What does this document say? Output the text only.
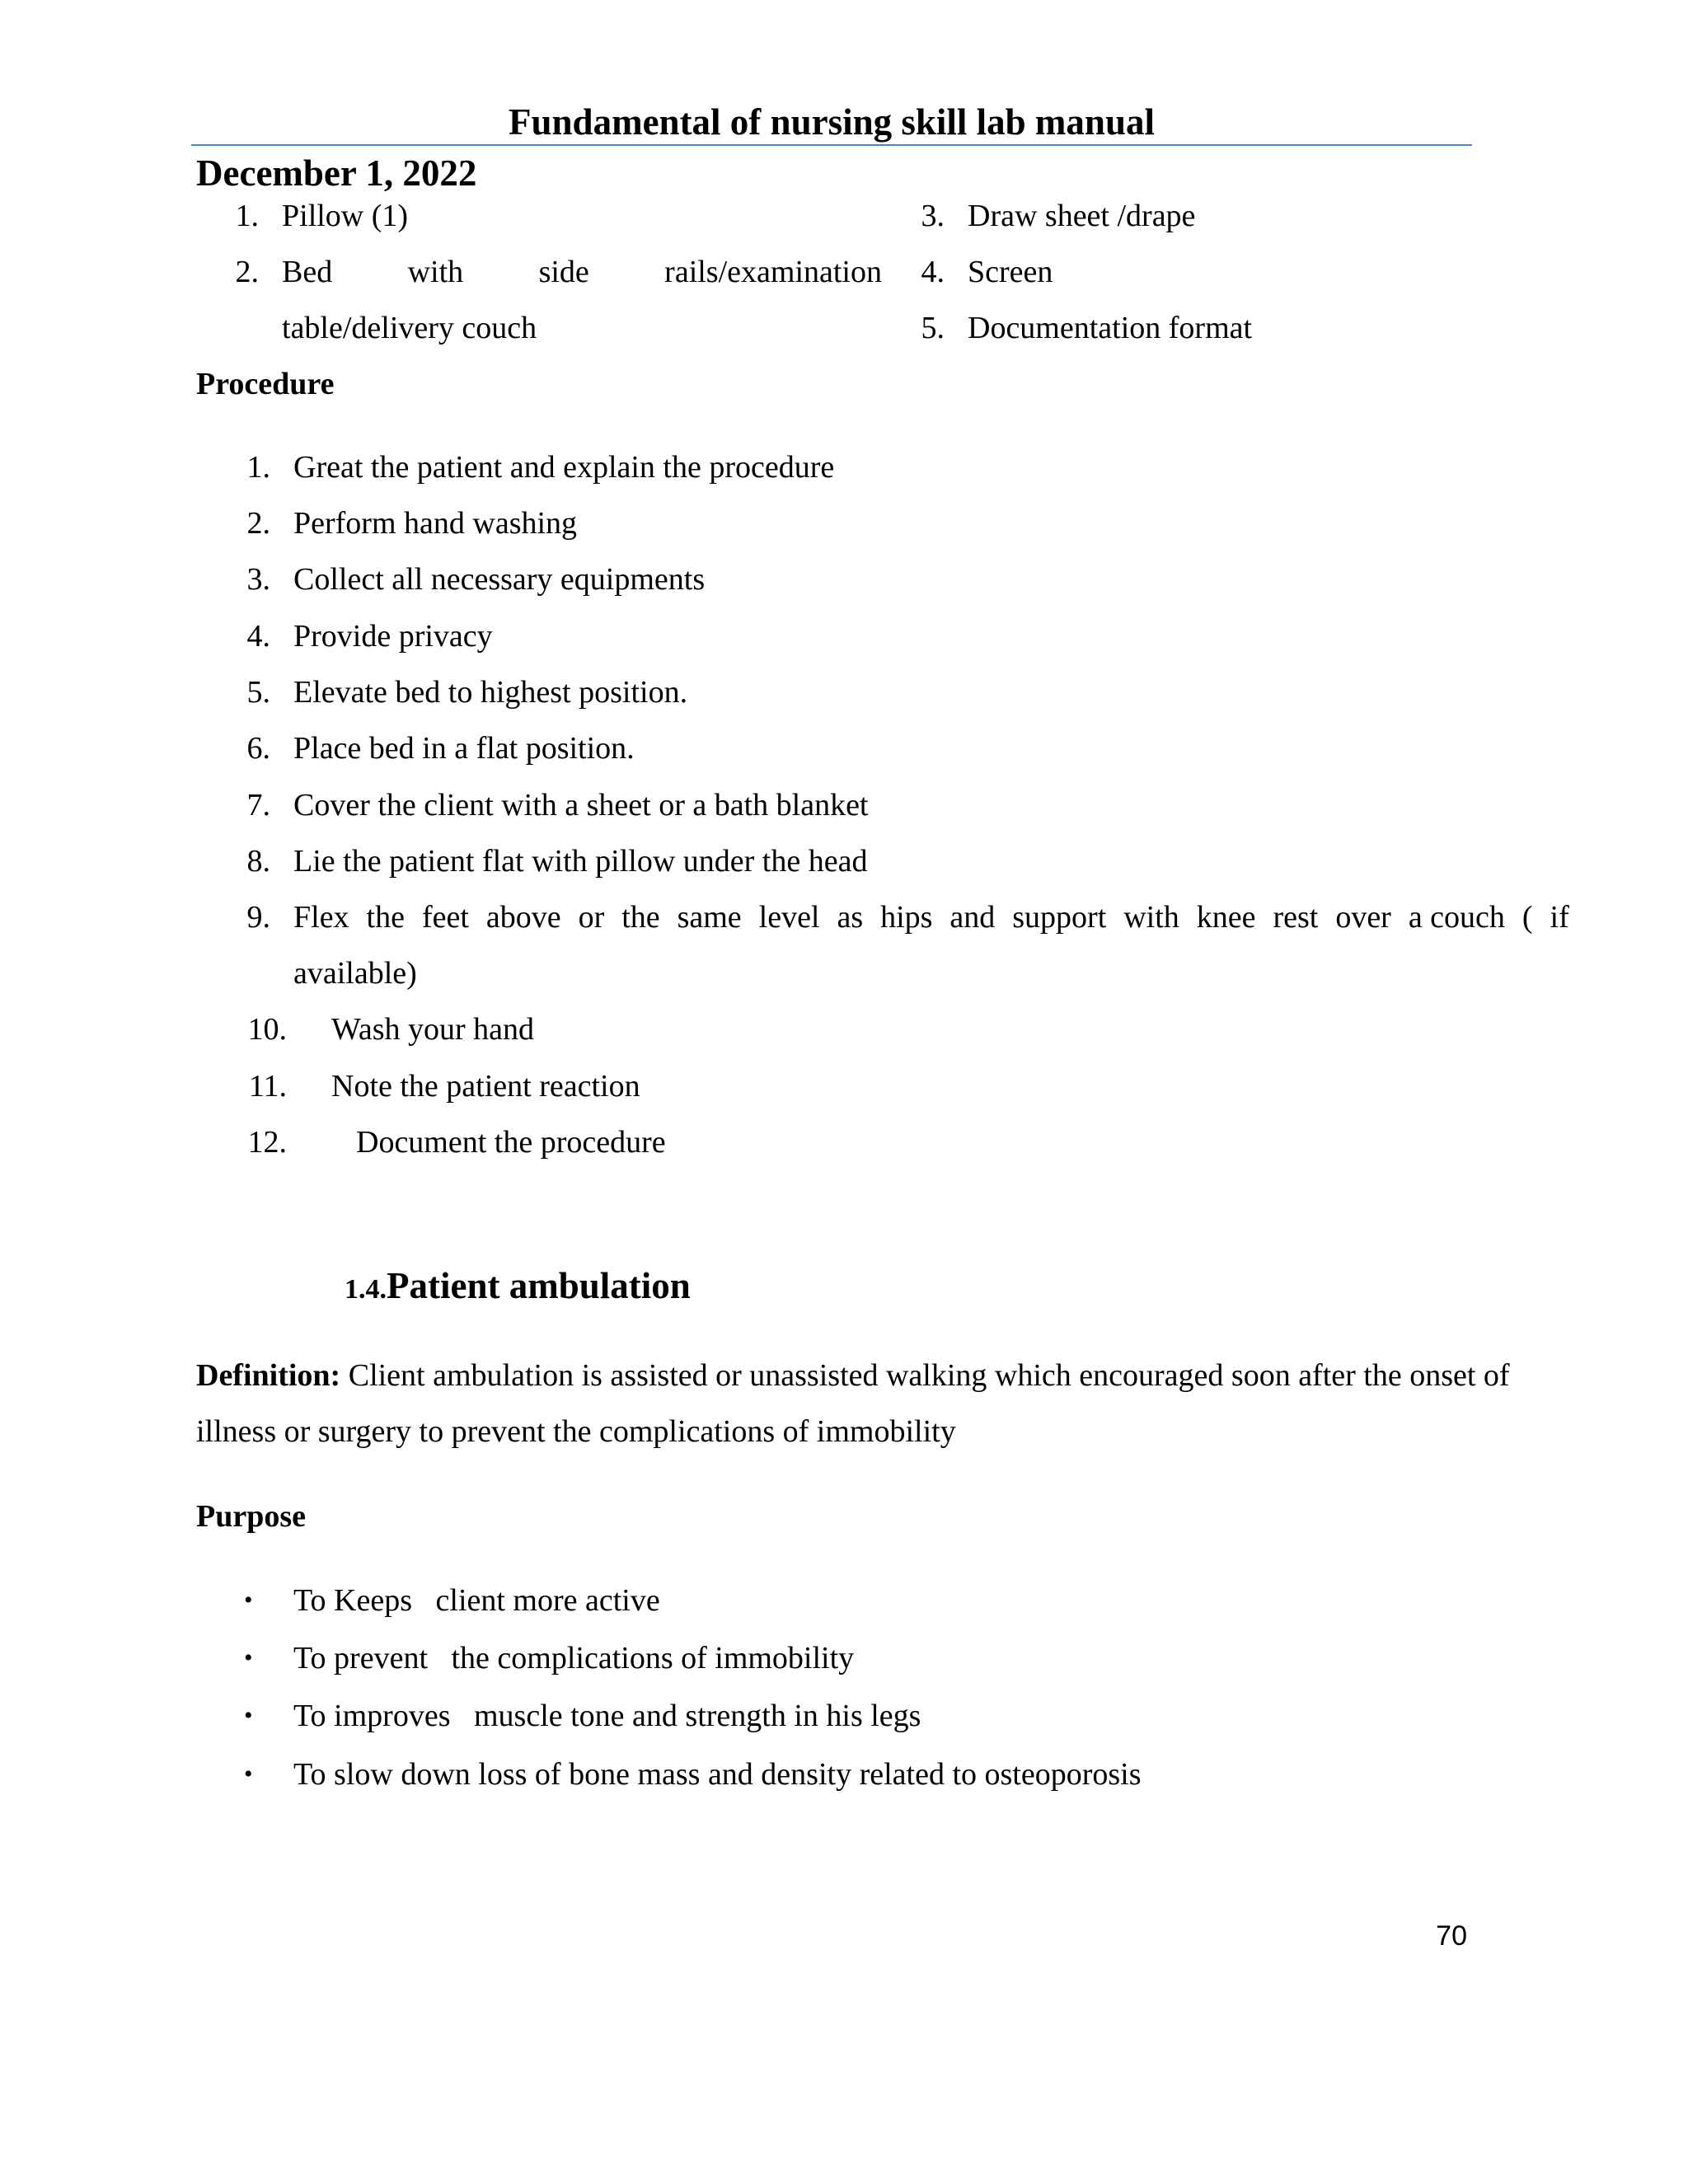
Fundamental of nursing skill lab manual
December 1, 2022
1. Pillow (1)
2. Bed with side rails/examination
table/delivery couch
3. Draw sheet /drape
4. Screen
5. Documentation format
Procedure
1. Great the patient and explain the procedure
2. Perform hand washing
3. Collect all necessary equipments
4. Provide privacy
5. Elevate bed to highest position.
6. Place bed in a flat position.
7. Cover the client with a sheet or a bath blanket
8. Lie the patient flat with pillow under the head
9. Flex the feet above or the same level as hips and support with knee rest over a couch ( if
available)
10. Wash your hand
11. Note the patient reaction
12. Document the procedure
1.4.Patient ambulation
Definition: Client ambulation is assisted or unassisted walking which encouraged soon after the onset of
illness or surgery to prevent the complications of immobility
Purpose
• To Keeps   client more active
• To prevent   the complications of immobility
• To improves   muscle tone and strength in his legs
• To slow down loss of bone mass and density related to osteoporosis
70
